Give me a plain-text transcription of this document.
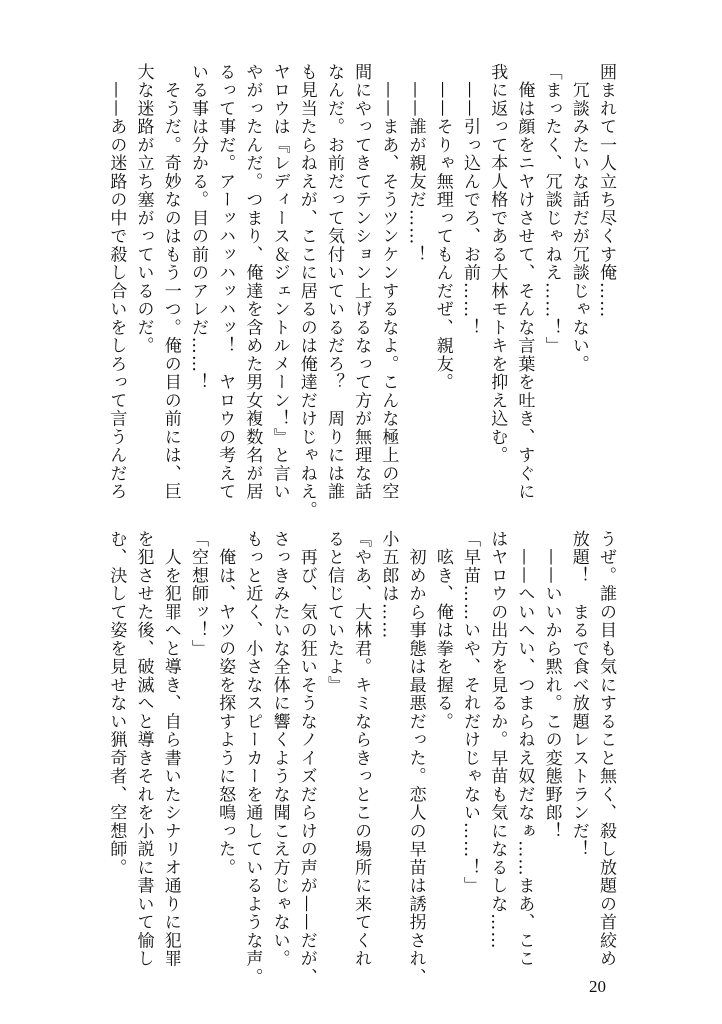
囲まれて一人立ち尽くす俺……
　冗談みたいな話だが冗談じゃない。
「まったく、冗談じゃねえ……！」
　俺は顔をニヤけさせて、そんな言葉を吐き、すぐに
我に返って本人格である大林モトキを抑え込む。
　——引っ込んでろ、お前……！
　——そりゃ無理ってもんだぜ、親友。
　——誰が親友だ……！
　——まあ、そうツンケンするなよ。こんな極上の空
間にやってきてテンション上げるなって方が無理な話
なんだ。お前だって気付いているだろ？　周りには誰
も見当たらねえが、ここに居るのは俺達だけじゃねえ。
ヤロウは『レディース＆ジェントルメーン！』と言い
やがったんだ。つまり、俺達を含めた男女複数名が居
るって事だ。アーッハッハッハッ！　ヤロウの考えて
いる事は分かる。目の前のアレだ……！
　そうだ。奇妙なのはもう一つ。俺の目の前には、巨
大な迷路が立ち塞がっているのだ。
　——あの迷路の中で殺し合いをしろって言うんだろ
うぜ。誰の目も気にすること無く、殺し放題の首絞め
放題！　まるで食べ放題レストランだ！
　——いいから黙れ。この変態野郎！
　——へいへい、つまらねえ奴だなぁ……まあ、ここ
はヤロウの出方を見るか。早苗も気になるしな……
「早苗……いや、それだけじゃない……！」
　呟き、俺は拳を握る。
　初めから事態は最悪だった。恋人の早苗は誘拐され、
小五郎は……
『やあ、大林君。キミならきっとこの場所に来てくれ
ると信じていたよ』
　再び、気の狂いそうなノイズだらけの声が——だが、
さっきみたいな全体に響くような聞こえ方じゃない。
もっと近く、小さなスピーカーを通しているような声。
　俺は、ヤツの姿を探すように怒鳴った。
「空想師ッ！」
　人を犯罪へと導き、自ら書いたシナリオ通りに犯罪
を犯させた後、破滅へと導きそれを小説に書いて愉し
む、決して姿を見せない猟奇者、空想師。
20
